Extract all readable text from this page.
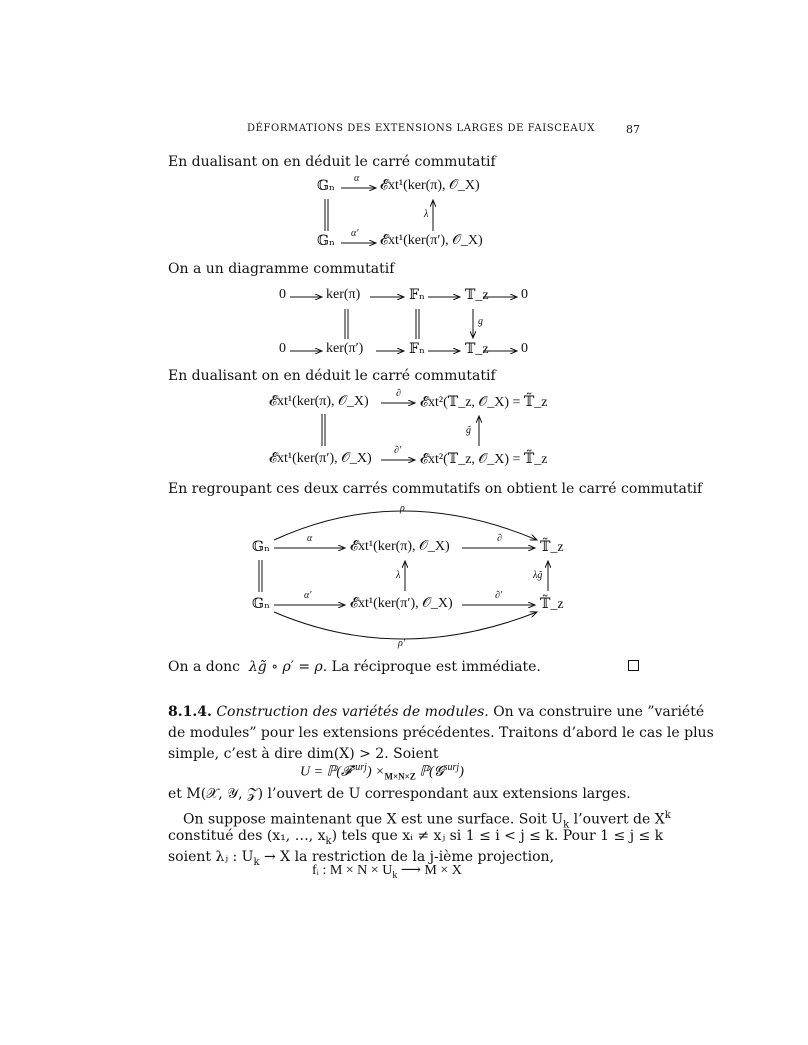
DÉFORMATIONS DES EXTENSIONS LARGES DE FAISCEAUX	87
En dualisant on en déduit le carré commutatif
𝔾ₙ	𝓔xt¹(ker(π), 𝒪_X)
𝔾ₙ	𝓔xt¹(ker(π′), 𝒪_X)
α
α′
λ
On a un diagramme commutatif
0	ker(π)	𝔽ₙ	𝕋_z 0
0	ker(π′)	𝔽ₙ	𝕋_z 0
g
En dualisant on en déduit le carré commutatif
𝓔xt¹(ker(π), 𝒪_X)	𝓔xt²(𝕋_z, 𝒪_X) = 𝕋̃_z
𝓔xt¹(ker(π′), 𝒪_X)	𝓔xt²(𝕋_z, 𝒪_X) = 𝕋̃_z
∂
∂′
g̃
En regroupant ces deux carrés commutatifs on obtient le carré commutatif
ρ
𝔾ₙ	𝓔xt¹(ker(π), 𝒪_X)	𝕋̃_z
𝔾ₙ	𝓔xt¹(ker(π′), 𝒪_X)	𝕋̃_z
α
α′
∂
∂′
λ	λg̃
ρ′
On a donc λg̃ ∘ ρ′ = ρ. La réciproque est immédiate.
8.1.4. Construction des variétés de modules. On va construire une ”variété
de modules” pour les extensions précédentes. Traitons d’abord le cas le plus
simple, c’est à dire dim(X) > 2. Soient
U = ℙ(𝓕$^{surj}$) $\times_{M\times N\times Z}$ ℙ(𝓖$^{surj}$)
et M(𝒳, 𝒴, 𝒵) l’ouvert de U correspondant aux extensions larges.
On suppose maintenant que X est une surface. Soit $U_k$ l’ouvert de $X^k$
constitué des (x₁, …, $x_k$) tels que xᵢ ≠ xⱼ si 1 ≤ i < j ≤ k. Pour 1 ≤ j ≤ k
soient λⱼ : $U_k \to X$ la restriction de la j-ième projection,
fᵢ : $M \times N \times U_k$ ⟶ M × X
